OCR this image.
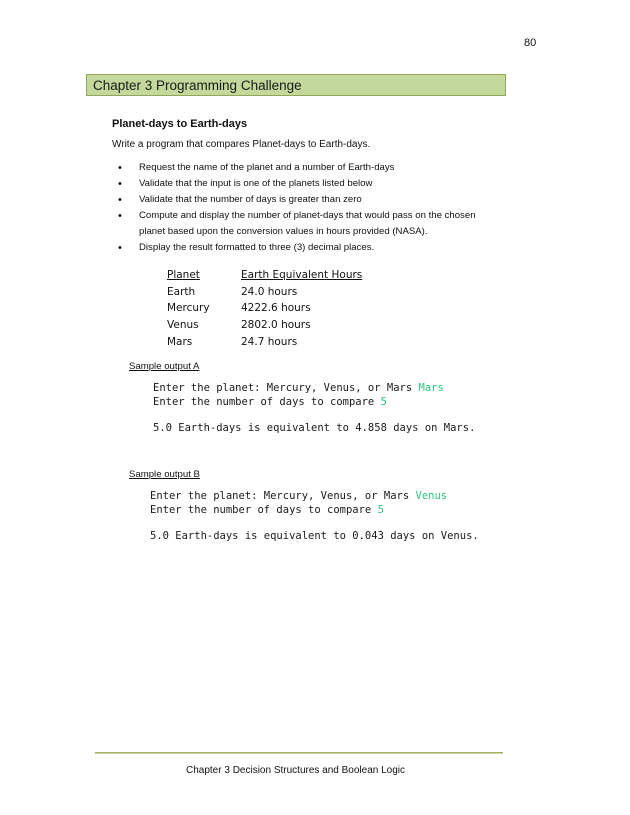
80
Chapter 3 Programming Challenge
Planet-days to Earth-days
Write a program that compares Planet-days to Earth-days.
• Request the name of the planet and a number of Earth-days
• Validate that the input is one of the planets listed below
• Validate that the number of days is greater than zero
• Compute and display the number of planet-days that would pass on the chosen planet based upon the conversion values in hours provided (NASA).
• Display the result formatted to three (3) decimal places.
Planet	Earth Equivalent Hours
Earth	24.0 hours
Mercury	4222.6 hours
Venus	2802.0 hours
Mars	24.7 hours
Sample output A
Enter the planet: Mercury, Venus, or Mars Mars
Enter the number of days to compare 5
5.0 Earth-days is equivalent to 4.858 days on Mars.
Sample output B
Enter the planet: Mercury, Venus, or Mars Venus
Enter the number of days to compare 5
5.0 Earth-days is equivalent to 0.043 days on Venus.
Chapter 3 Decision Structures and Boolean Logic
